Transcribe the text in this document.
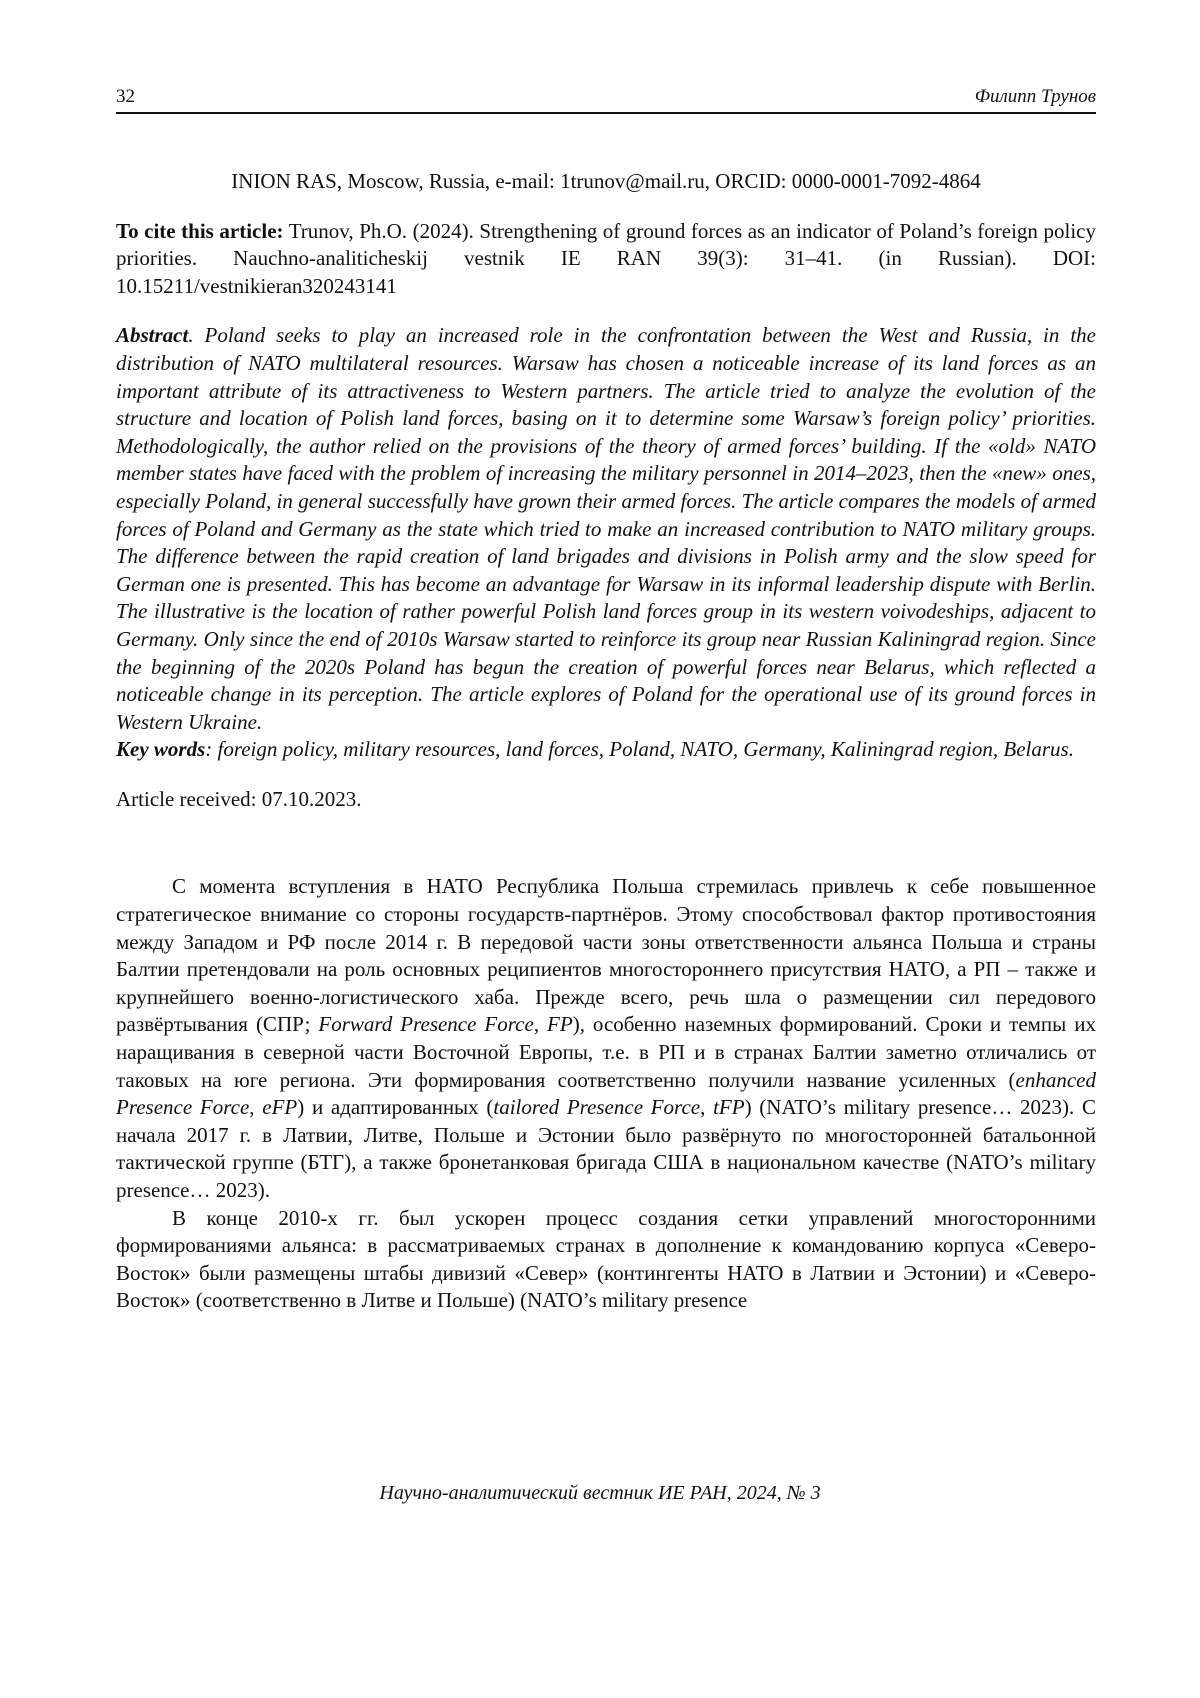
32	Филипп Трунов

INION RAS, Moscow, Russia, e-mail: 1trunov@mail.ru, ORCID: 0000-0001-7092-4864

To cite this article: Trunov, Ph.O. (2024). Strengthening of ground forces as an indicator of Poland’s foreign policy priorities. Nauchno-analiticheskij vestnik IE RAN 39(3): 31–41. (in Russian). DOI: 10.15211/vestnikieran320243141

Abstract. Poland seeks to play an increased role in the confrontation between the West and Russia, in the distribution of NATO multilateral resources. Warsaw has chosen a noticeable increase of its land forces as an important attribute of its attractiveness to Western partners. The article tried to analyze the evolution of the structure and location of Polish land forces, basing on it to determine some Warsaw’s foreign policy’ priorities. Methodologically, the author relied on the provisions of the theory of armed forces’ building. If the «old» NATO member states have faced with the problem of increasing the military personnel in 2014–2023, then the «new» ones, especially Poland, in general successfully have grown their armed forces. The article compares the models of armed forces of Poland and Germany as the state which tried to make an increased contribution to NATO military groups. The difference between the rapid creation of land brigades and divisions in Polish army and the slow speed for German one is presented. This has become an advantage for Warsaw in its informal leadership dispute with Berlin. The illustrative is the location of rather powerful Polish land forces group in its western voivodeships, adjacent to Germany. Only since the end of 2010s Warsaw started to reinforce its group near Russian Kaliningrad region. Since the beginning of the 2020s Poland has begun the creation of powerful forces near Belarus, which reflected a noticeable change in its perception. The article explores of Poland for the operational use of its ground forces in Western Ukraine.

Key words: foreign policy, military resources, land forces, Poland, NATO, Germany, Kaliningrad region, Belarus.

Article received: 07.10.2023.

С момента вступления в НАТО Республика Польша стремилась привлечь к себе повышенное стратегическое внимание со стороны государств-партнёров. Этому способствовал фактор противостояния между Западом и РФ после 2014 г. В передовой части зоны ответственности альянса Польша и страны Балтии претендовали на роль основных реципиентов многостороннего присутствия НАТО, а РП – также и крупнейшего военно-логистического хаба. Прежде всего, речь шла о размещении сил передового развёртывания (СПР; Forward Presence Force, FP), особенно наземных формирований. Сроки и темпы их наращивания в северной части Восточной Европы, т.е. в РП и в странах Балтии заметно отличались от таковых на юге региона. Эти формирования соответственно получили название усиленных (enhanced Presence Force, eFP) и адаптированных (tailored Presence Force, tFP) (NATO’s military presence… 2023). С начала 2017 г. в Латвии, Литве, Польше и Эстонии было развёрнуто по многосторонней батальонной тактической группе (БТГ), а также бронетанковая бригада США в национальном качестве (NATO’s military presence… 2023).

В конце 2010-х гг. был ускорен процесс создания сетки управлений многосторонними формированиями альянса: в рассматриваемых странах в дополнение к командованию корпуса «Северо-Восток» были размещены штабы дивизий «Север» (контингенты НАТО в Латвии и Эстонии) и «Северо-Восток» (соответственно в Литве и Польше) (NATO’s military presence

Научно-аналитический вестник ИЕ РАН, 2024, № 3
